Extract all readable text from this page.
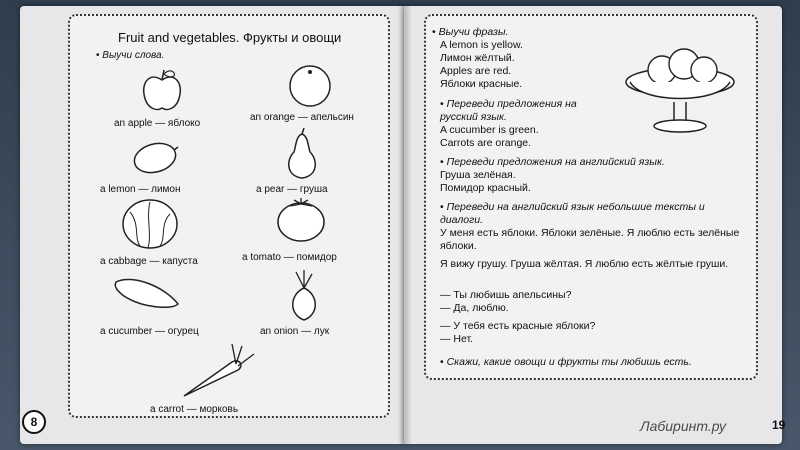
Fruit and vegetables. Фрукты и овощи
• Выучи слова.
an apple — яблоко
an orange — апельсин
a lemon — лимон	a pear — груша
a cabbage — капуста	a tomato — помидор
a cucumber — огурец	an onion — лук
a carrot — морковь
8
• Выучи фразы.
A lemon is yellow.
Лимон жёлтый.
Apples are red.
Яблоки красные.
• Переведи предложения на русский язык.
A cucumber is green.
Carrots are orange.
• Переведи предложения на английский язык.
Груша зелёная.
Помидор красный.
• Переведи на английский язык небольшие тексты и диалоги.
У меня есть яблоки. Яблоки зелёные. Я люблю есть зелёные яблоки.
Я вижу грушу. Груша жёлтая. Я люблю есть жёлтые груши.
— Ты любишь апельсины?
— Да, люблю.
— У тебя есть красные яблоки?
— Нет.
• Скажи, какие овощи и фрукты ты любишь есть.
Лабиринт.ру	19
